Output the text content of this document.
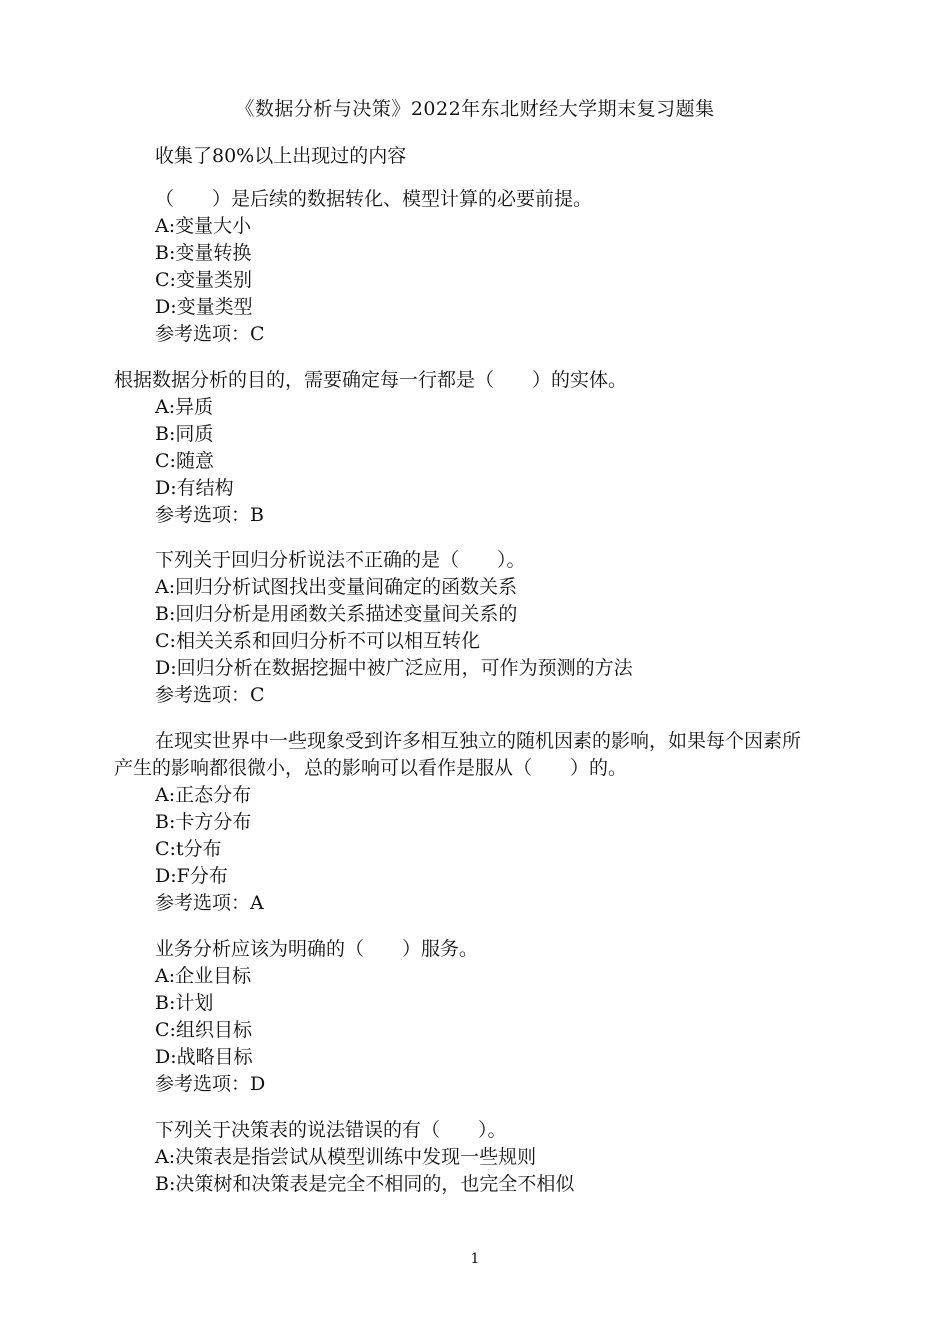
《数据分析与决策》2022年东北财经大学期末复习题集
收集了80%以上出现过的内容
（　　）是后续的数据转化、模型计算的必要前提。
A:变量大小
B:变量转换
C:变量类别
D:变量类型
参考选项：C
根据数据分析的目的，需要确定每一行都是（　　）的实体。
A:异质
B:同质
C:随意
D:有结构
参考选项：B
下列关于回归分析说法不正确的是（　　）。
A:回归分析试图找出变量间确定的函数关系
B:回归分析是用函数关系描述变量间关系的
C:相关关系和回归分析不可以相互转化
D:回归分析在数据挖掘中被广泛应用，可作为预测的方法
参考选项：C
在现实世界中一些现象受到许多相互独立的随机因素的影响，如果每个因素所产生的影响都很微小，总的影响可以看作是服从（　　）的。
A:正态分布
B:卡方分布
C:t分布
D:F分布
参考选项：A
业务分析应该为明确的（　　）服务。
A:企业目标
B:计划
C:组织目标
D:战略目标
参考选项：D
下列关于决策表的说法错误的有（　　）。
A:决策表是指尝试从模型训练中发现一些规则
B:决策树和决策表是完全不相同的，也完全不相似
1
